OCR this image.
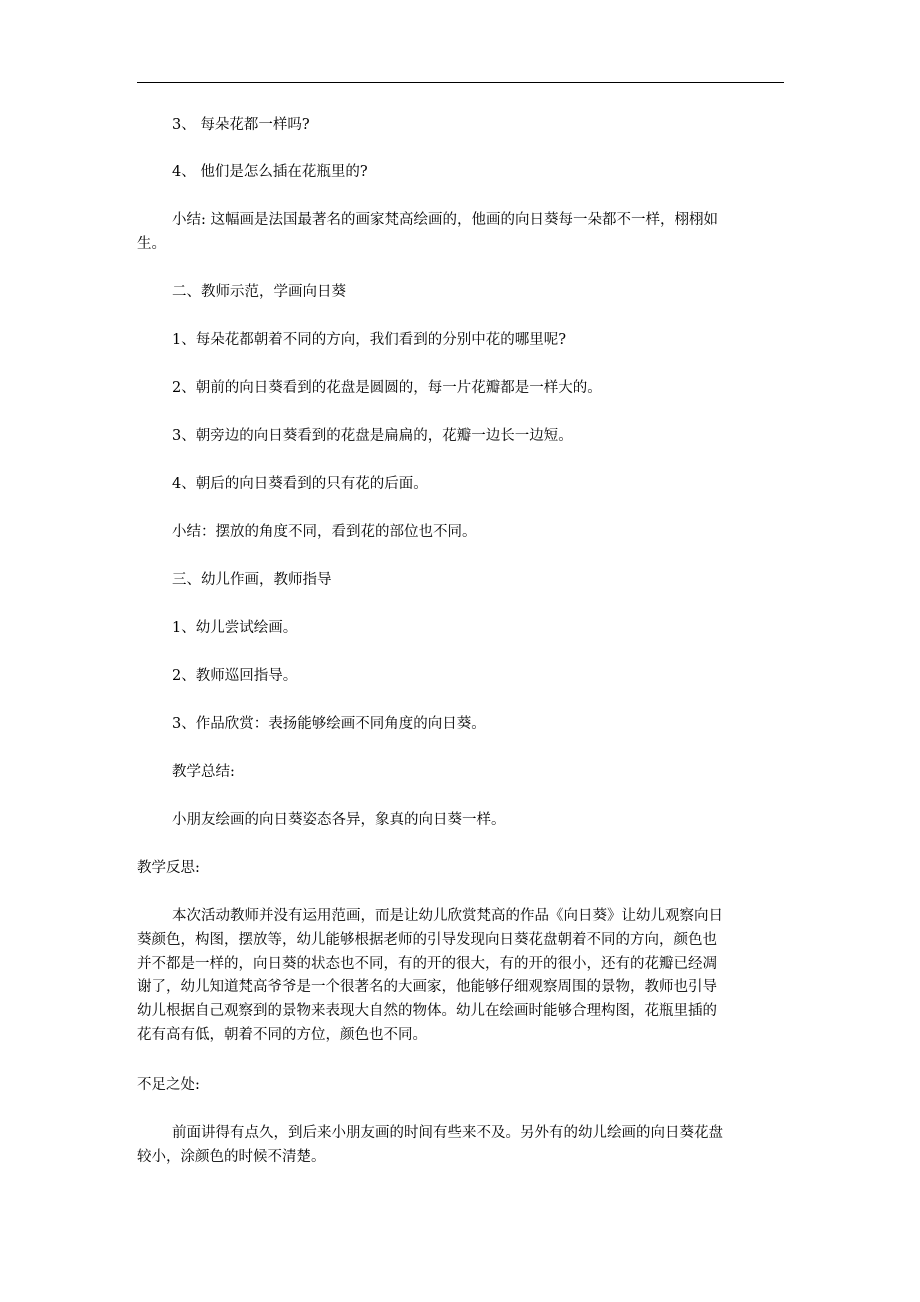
3、 每朵花都一样吗?
4、 他们是怎么插在花瓶里的?
小结: 这幅画是法国最著名的画家梵高绘画的，他画的向日葵每一朵都不一样，栩栩如
生。
二、教师示范，学画向日葵
1、每朵花都朝着不同的方向，我们看到的分别中花的哪里呢?
2、朝前的向日葵看到的花盘是圆圆的，每一片花瓣都是一样大的。
3、朝旁边的向日葵看到的花盘是扁扁的，花瓣一边长一边短。
4、朝后的向日葵看到的只有花的后面。
小结：摆放的角度不同，看到花的部位也不同。
三、幼儿作画，教师指导
1、幼儿尝试绘画。
2、教师巡回指导。
3、作品欣赏：表扬能够绘画不同角度的向日葵。
教学总结:
小朋友绘画的向日葵姿态各异，象真的向日葵一样。
教学反思:
本次活动教师并没有运用范画，而是让幼儿欣赏梵高的作品《向日葵》让幼儿观察向日
葵颜色，构图，摆放等，幼儿能够根据老师的引导发现向日葵花盘朝着不同的方向，颜色也
并不都是一样的，向日葵的状态也不同，有的开的很大，有的开的很小，还有的花瓣已经凋
谢了，幼儿知道梵高爷爷是一个很著名的大画家，他能够仔细观察周围的景物，教师也引导
幼儿根据自己观察到的景物来表现大自然的物体。幼儿在绘画时能够合理构图，花瓶里插的
花有高有低，朝着不同的方位，颜色也不同。
不足之处:
前面讲得有点久，到后来小朋友画的时间有些来不及。另外有的幼儿绘画的向日葵花盘
较小，涂颜色的时候不清楚。
